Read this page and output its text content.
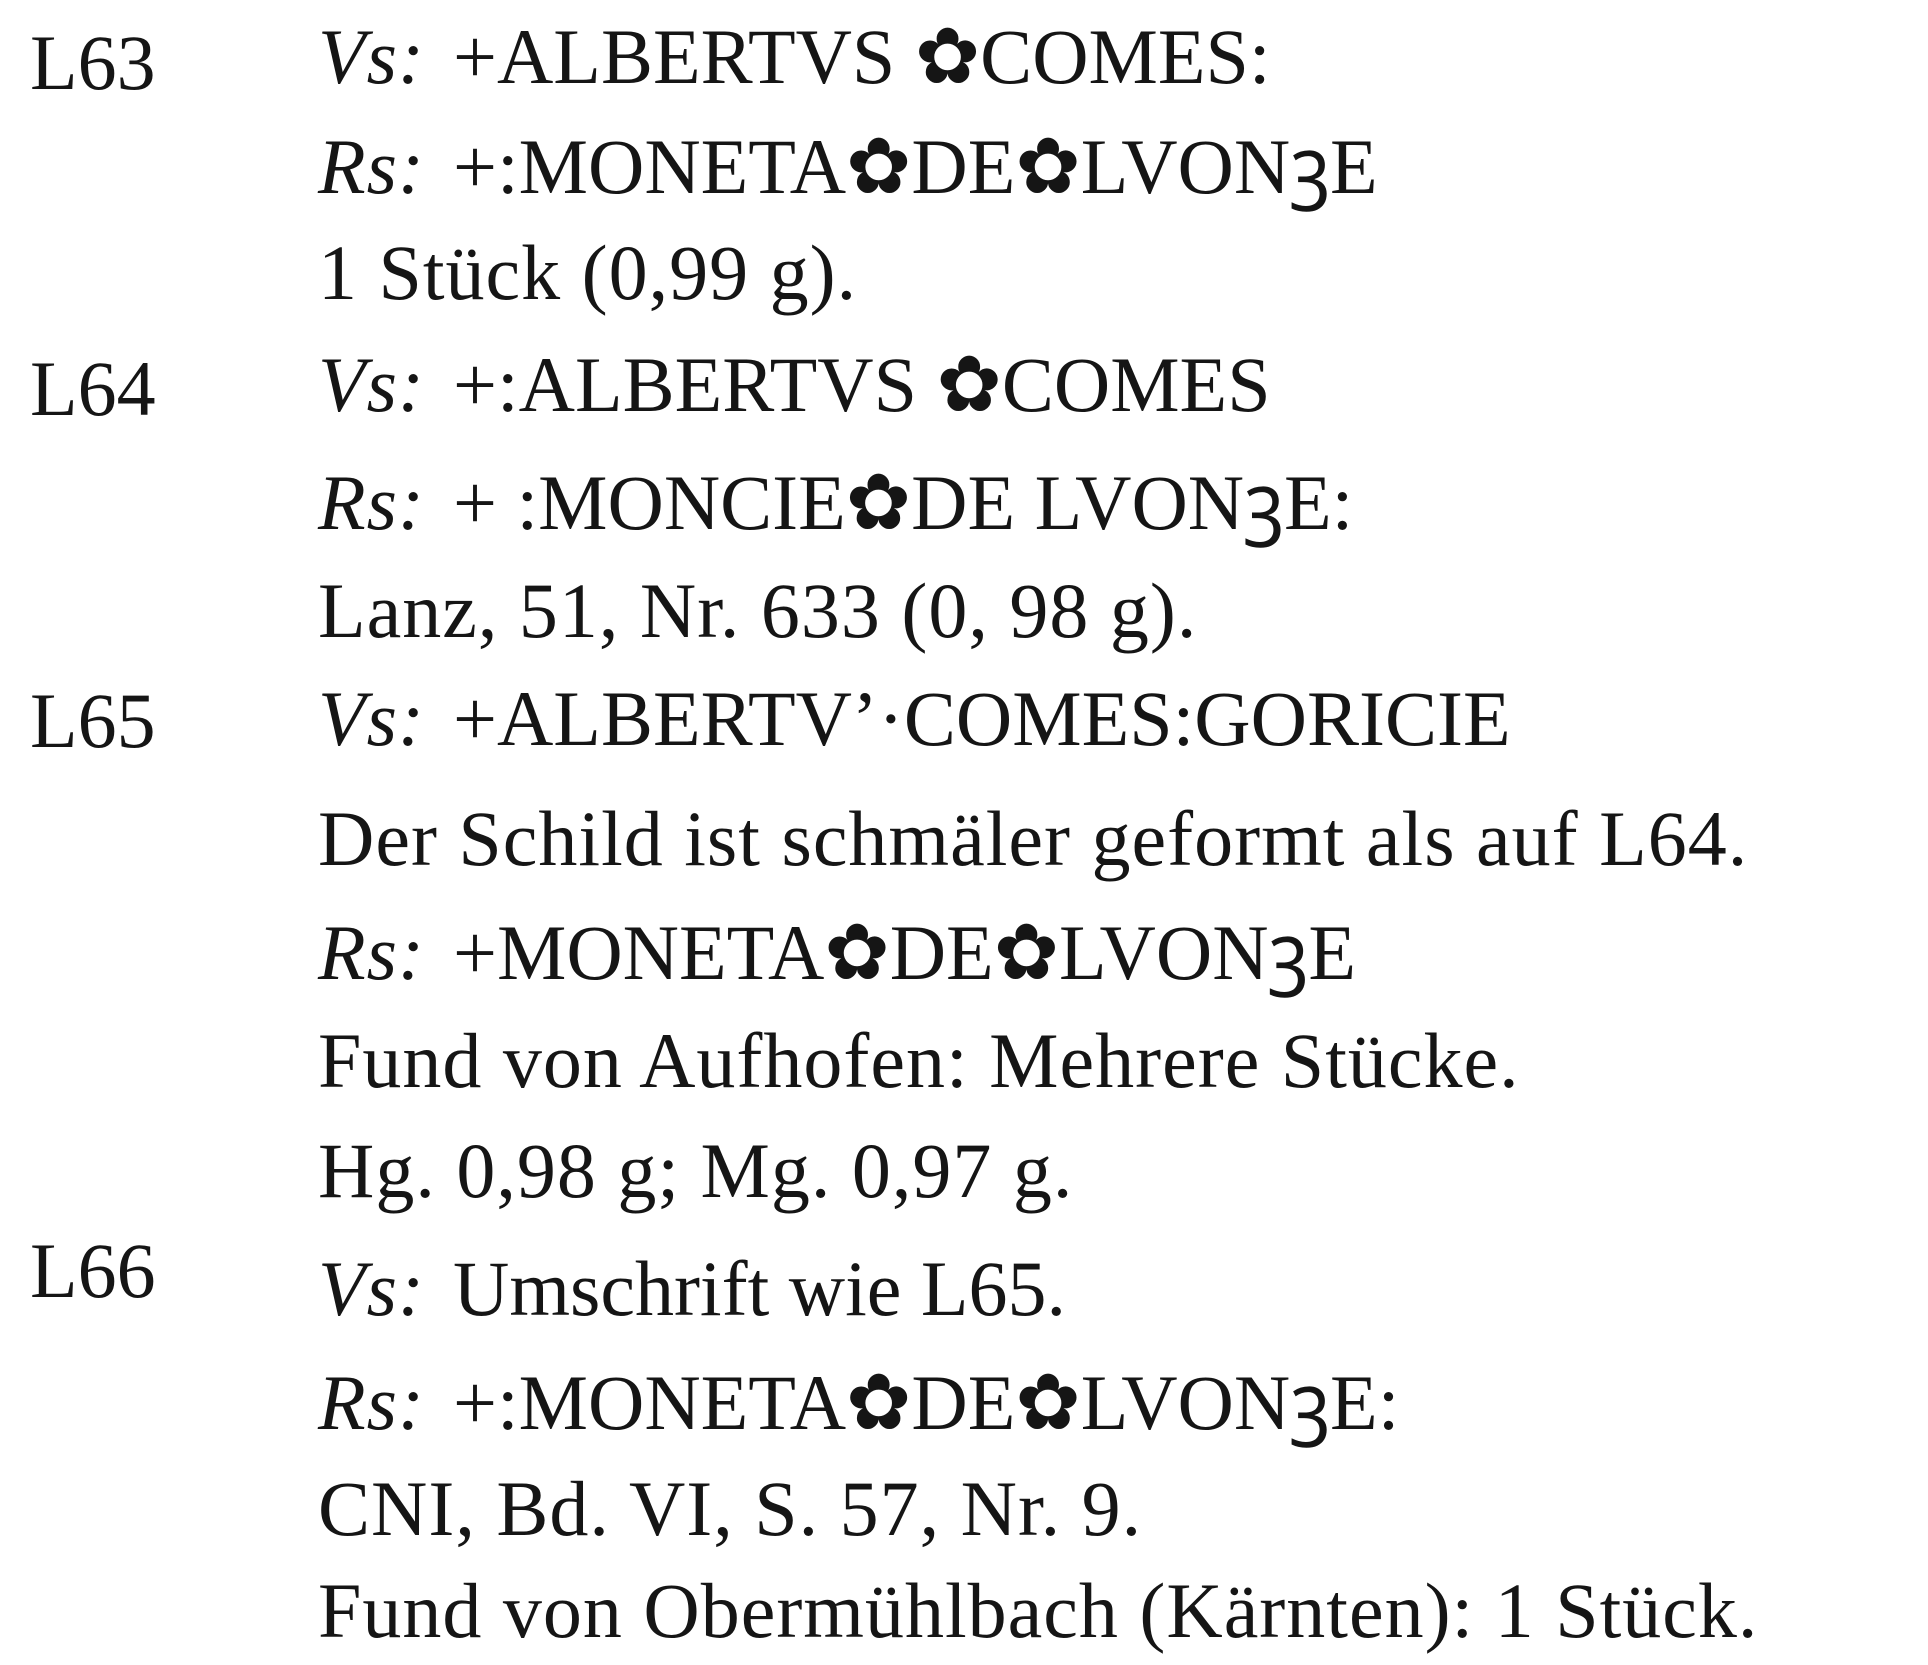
L63 Vs: +ALBERTVS ✿COMES:
Rs: +:MONETA✿DE✿LVONꝫE
1 Stück (0,99 g).
L64 Vs: +:ALBERTVS ✿COMES
Rs: + :MONCIE✿DE LVONꝫE:
Lanz, 51, Nr. 633 (0, 98 g).
L65 Vs: +ALBERTV’·COMES:GORICIE
Der Schild ist schmäler geformt als auf L64.
Rs: +MONETA✿DE✿LVONꝫE
Fund von Aufhofen: Mehrere Stücke.
Hg. 0,98 g; Mg. 0,97 g.
L66 Vs: Umschrift wie L65.
Rs: +:MONETA✿DE✿LVONꝫE:
CNI, Bd. VI, S. 57, Nr. 9.
Fund von Obermühlbach (Kärnten): 1 Stück.
